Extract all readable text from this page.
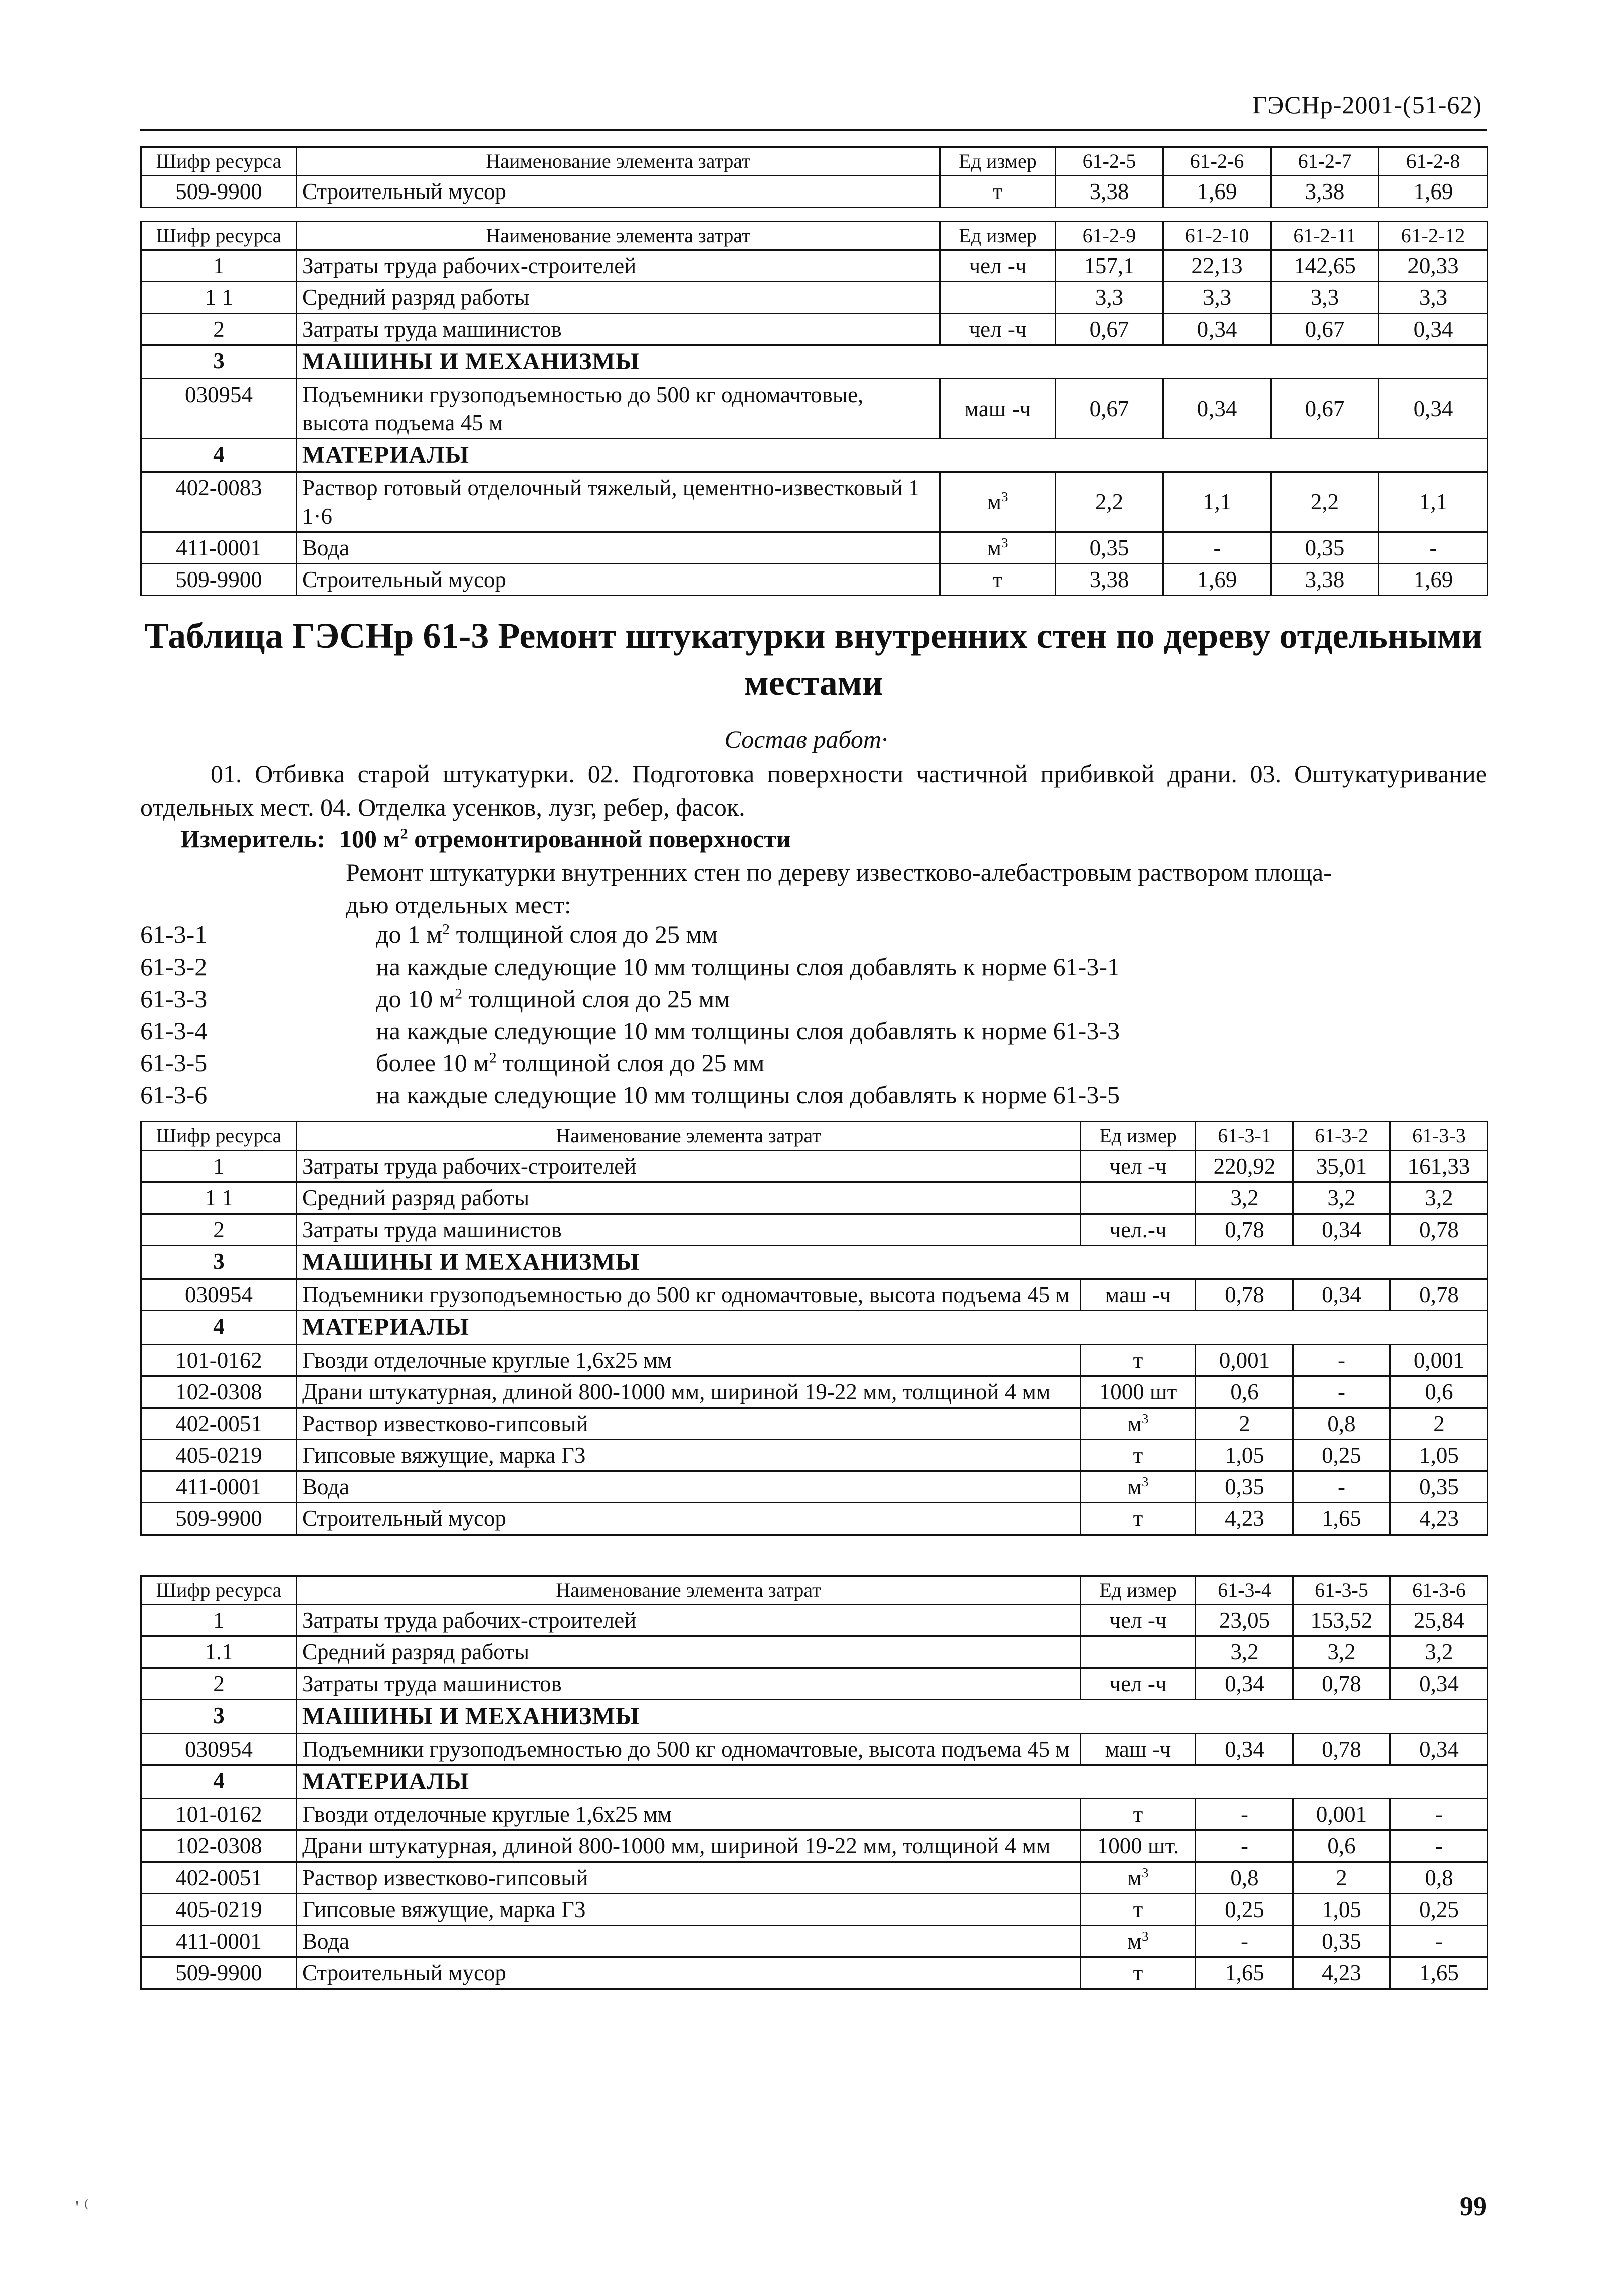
ГЭСНр-2001-(51-62)
Шифр ресурса	Наименование элемента затрат	Ед измер	61-2-5	61-2-6	61-2-7	61-2-8
509-9900	Строительный мусор	т	3,38	1,69	3,38	1,69
Шифр ресурса	Наименование элемента затрат	Ед измер	61-2-9	61-2-10	61-2-11	61-2-12
1	Затраты труда рабочих-строителей	чел -ч	157,1	22,13	142,65	20,33
1 1	Средний разряд работы		3,3	3,3	3,3	3,3
2	Затраты труда машинистов	чел -ч	0,67	0,34	0,67	0,34
3	МАШИНЫ И МЕХАНИЗМЫ					
030954	Подъемники грузоподъемностью до 500 кг одномачтовые, высота подъема 45 м	маш -ч	0,67	0,34	0,67	0,34
4	МАТЕРИАЛЫ					
402-0083	Раствор готовый отделочный тяжелый, цементно-известковый 1 1·6	$м^3$	2,2	1,1	2,2	1,1
411-0001	Вода	$м^3$	0,35	-	0,35	-
509-9900	Строительный мусор	т	3,38	1,69	3,38	1,69
Таблица ГЭСНр 61-3 Ремонт штукатурки внутренних стен по дереву отдельными местами
Состав работ·
01. Отбивка старой штукатурки. 02. Подготовка поверхности частичной прибивкой драни. 03. Оштукатуривание отдельных мест. 04. Отделка усенков, лузг, ребер, фасок.
Измеритель: 100 $м^2$ отремонтированной поверхности
Ремонт штукатурки внутренних стен по дереву известково-алебастровым раствором площа-
дью отдельных мест:
61-3-1	до 1 $м^2$ толщиной слоя до 25 мм
61-3-2	на каждые следующие 10 мм толщины слоя добавлять к норме 61-3-1
61-3-3	до 10 $м^2$ толщиной слоя до 25 мм
61-3-4	на каждые следующие 10 мм толщины слоя добавлять к норме 61-3-3
61-3-5	более 10 $м^2$ толщиной слоя до 25 мм
61-3-6	на каждые следующие 10 мм толщины слоя добавлять к норме 61-3-5
Шифр ресурса	Наименование элемента затрат	Ед измер	61-3-1	61-3-2	61-3-3
1	Затраты труда рабочих-строителей	чел -ч	220,92	35,01	161,33
1 1	Средний разряд работы		3,2	3,2	3,2
2	Затраты труда машинистов	чел.-ч	0,78	0,34	0,78
3	МАШИНЫ И МЕХАНИЗМЫ				
030954	Подъемники грузоподъемностью до 500 кг одномачтовые, высота подъема 45 м	маш -ч	0,78	0,34	0,78
4	МАТЕРИАЛЫ				
101-0162	Гвозди отделочные круглые 1,6х25 мм	т	0,001	-	0,001
102-0308	Драни штукатурная, длиной 800-1000 мм, шириной 19-22 мм, толщиной 4 мм	1000 шт	0,6	-	0,6
402-0051	Раствор известково-гипсовый	$м^3$	2	0,8	2
405-0219	Гипсовые вяжущие, марка Г3	т	1,05	0,25	1,05
411-0001	Вода	$м^3$	0,35	-	0,35
509-9900	Строительный мусор	т	4,23	1,65	4,23
Шифр ресурса	Наименование элемента затрат	Ед измер	61-3-4	61-3-5	61-3-6
1	Затраты труда рабочих-строителей	чел -ч	23,05	153,52	25,84
1.1	Средний разряд работы		3,2	3,2	3,2
2	Затраты труда машинистов	чел -ч	0,34	0,78	0,34
3	МАШИНЫ И МЕХАНИЗМЫ				
030954	Подъемники грузоподъемностью до 500 кг одномачтовые, высота подъема 45 м	маш -ч	0,34	0,78	0,34
4	МАТЕРИАЛЫ				
101-0162	Гвозди отделочные круглые 1,6х25 мм	т	-	0,001	-
102-0308	Драни штукатурная, длиной 800-1000 мм, шириной 19-22 мм, толщиной 4 мм	1000 шт.	-	0,6	-
402-0051	Раствор известково-гипсовый	$м^3$	0,8	2	0,8
405-0219	Гипсовые вяжущие, марка Г3	т	0,25	1,05	0,25
411-0001	Вода	$м^3$	-	0,35	-
509-9900	Строительный мусор	т	1,65	4,23	1,65
' ⁽	99
